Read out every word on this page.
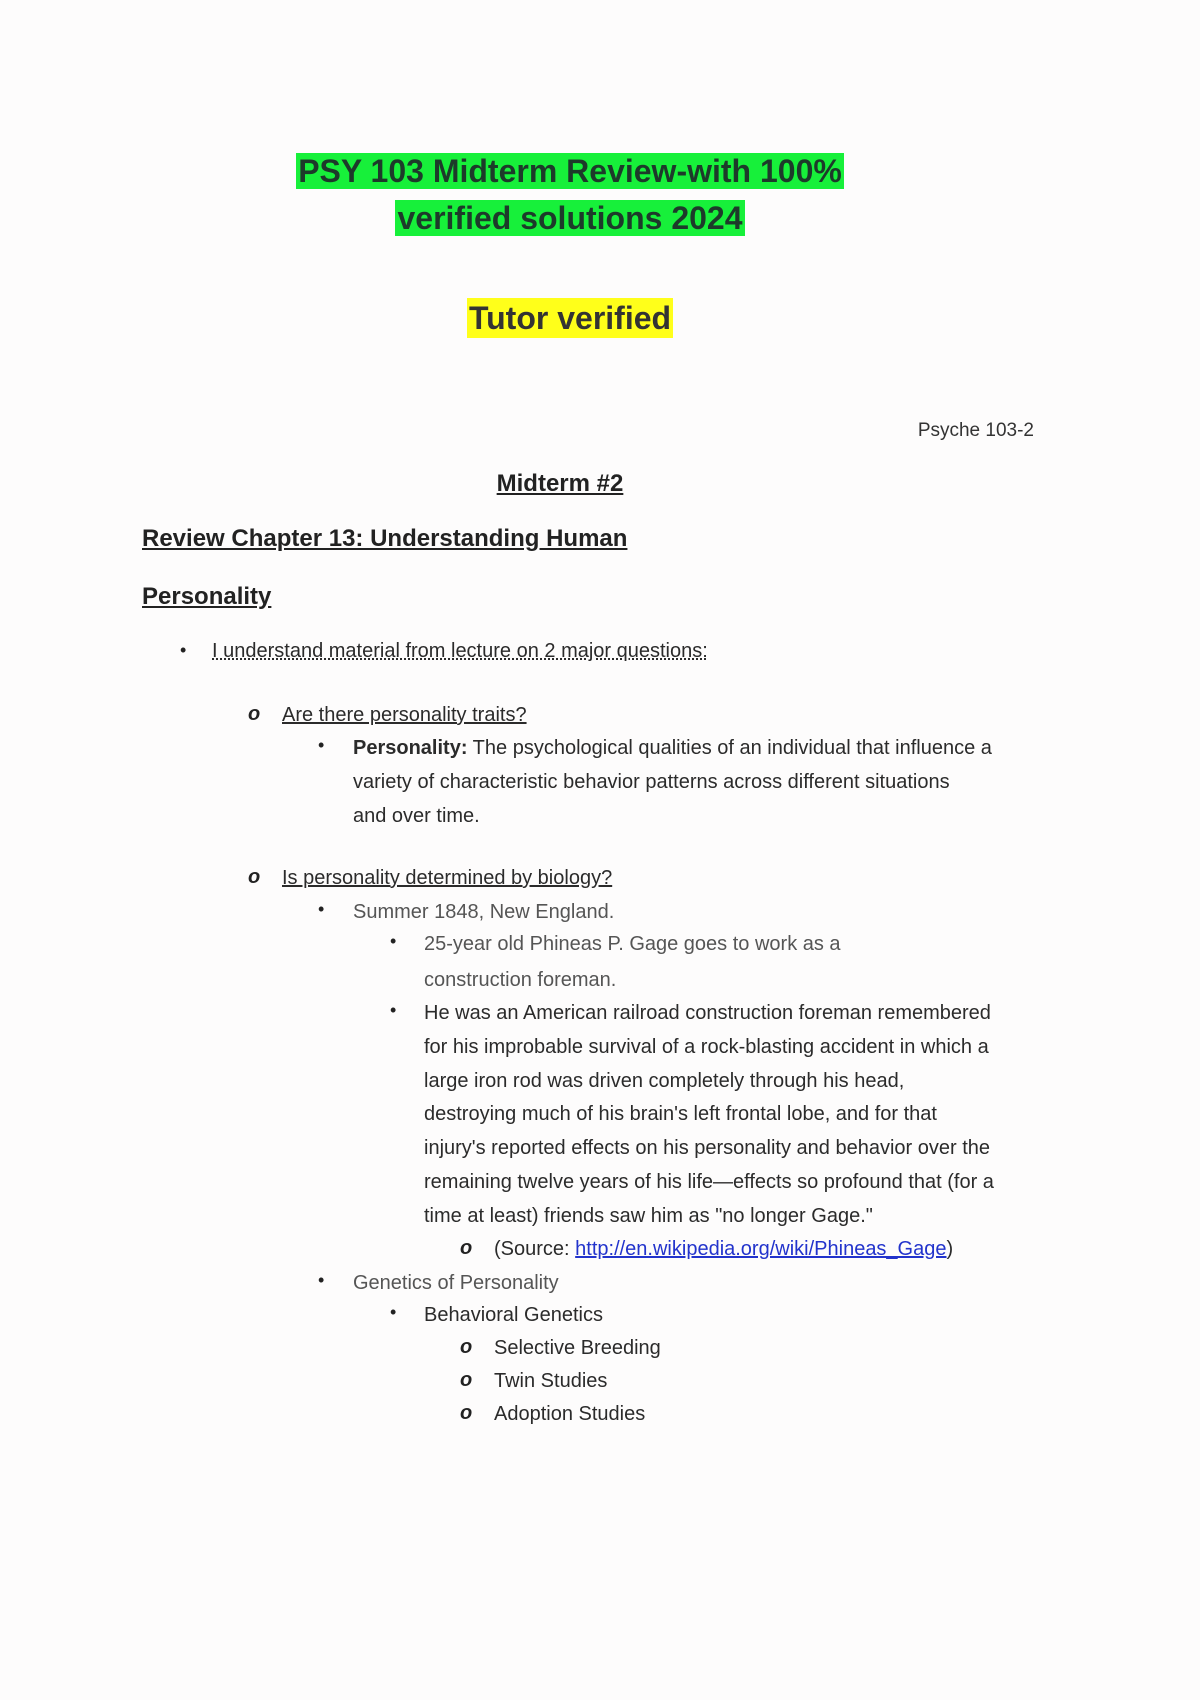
PSY 103 Midterm Review-with 100%
verified solutions 2024
Tutor verified
Psyche 103-2
Midterm #2
Review Chapter 13: Understanding Human
Personality
• I understand material from lecture on 2 major questions:
o Are there personality traits?
• Personality: The psychological qualities of an individual that influence a
variety of characteristic behavior patterns across different situations
and over time.
o Is personality determined by biology?
• Summer 1848, New England.
• 25-year old Phineas P. Gage goes to work as a
construction foreman.
• He was an American railroad construction foreman remembered
for his improbable survival of a rock-blasting accident in which a
large iron rod was driven completely through his head,
destroying much of his brain's left frontal lobe, and for that
injury's reported effects on his personality and behavior over the
remaining twelve years of his life—effects so profound that (for a
time at least) friends saw him as "no longer Gage."
o (Source: http://en.wikipedia.org/wiki/Phineas_Gage)
• Genetics of Personality
• Behavioral Genetics
o Selective Breeding
o Twin Studies
o Adoption Studies
